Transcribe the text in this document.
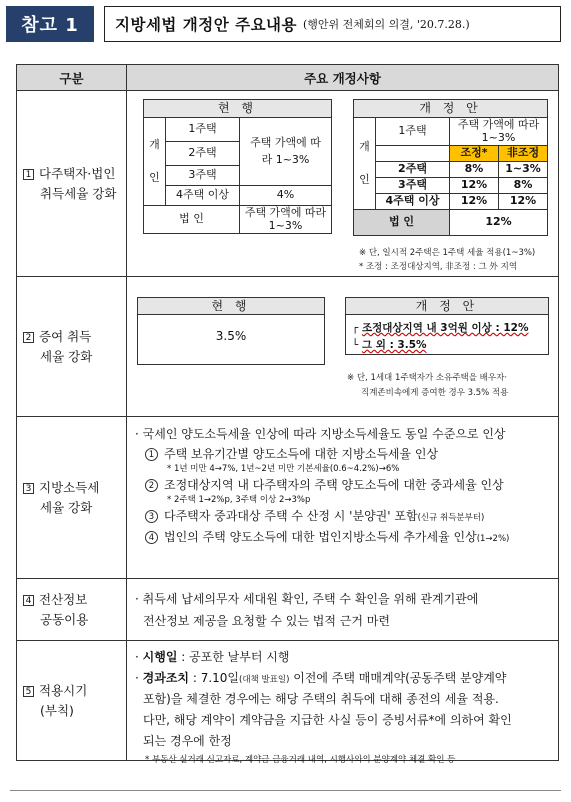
참고 1	지방세법 개정안 주요내용 (행안위 전체회의 의결, '20.7.28.)
구분	주요 개정사항

1 다주택자·법인
취득세율 강화

현 행
개

인	1주택	주택 가액에 따라 1~3%
2주택
3주택
4주택 이상	4%
법 인	주택 가액에 따라 1~3%
개 정 안
개

인	1주택	주택 가액에 따라 1~3%
	조정*	非조정
2주택	8%	1~3%
3주택	12%	8%
4주택 이상	12%	12%
법 인	12%
※ 단, 일시적 2주택은 1주택 세율 적용(1~3%)
* 조정 : 조정대상지역, 非조정 : 그 外 지역

2 증여 취득
세율 강화

현 행
3.5%
개 정 안
┌ 조정대상지역 내 3억원 이상 : 12%
└ 그 외 : 3.5%
※ 단, 1세대 1주택자가 소유주택을 배우자·
직계존비속에게 증여한 경우 3.5% 적용

3 지방소득세
세율 강화

· 국세인 양도소득세율 인상에 따라 지방소득세율도 동일 수준으로 인상
1 주택 보유기간별 양도소득에 대한 지방소득세율 인상
* 1년 미만 4→7%, 1년~2년 미만 기본세율(0.6~4.2%)→6%
2 조정대상지역 내 다주택자의 주택 양도소득에 대한 중과세율 인상
* 2주택 1→2%p, 3주택 이상 2→3%p
3 다주택자 중과대상 주택 수 산정 시 '분양권' 포함(신규 취득분부터)
4 법인의 주택 양도소득에 대한 법인지방소득세 추가세율 인상(1→2%)

4 전산정보
공동이용

· 취득세 납세의무자 세대원 확인, 주택 수 확인을 위해 관계기관에
전산정보 제공을 요청할 수 있는 법적 근거 마련

5 적용시기
(부칙)

· 시행일 : 공포한 날부터 시행
· 경과조치 : 7.10일(대책 발표일) 이전에 주택 매매계약(공동주택 분양계약
포함)을 체결한 경우에는 해당 주택의 취득에 대해 종전의 세율 적용.
다만, 해당 계약이 계약금을 지급한 사실 등이 증빙서류*에 의하여 확인
되는 경우에 한정
* 부동산 실거래 신고자료, 계약금 금융거래 내역, 시행사와의 분양계약 체결 확인 등
